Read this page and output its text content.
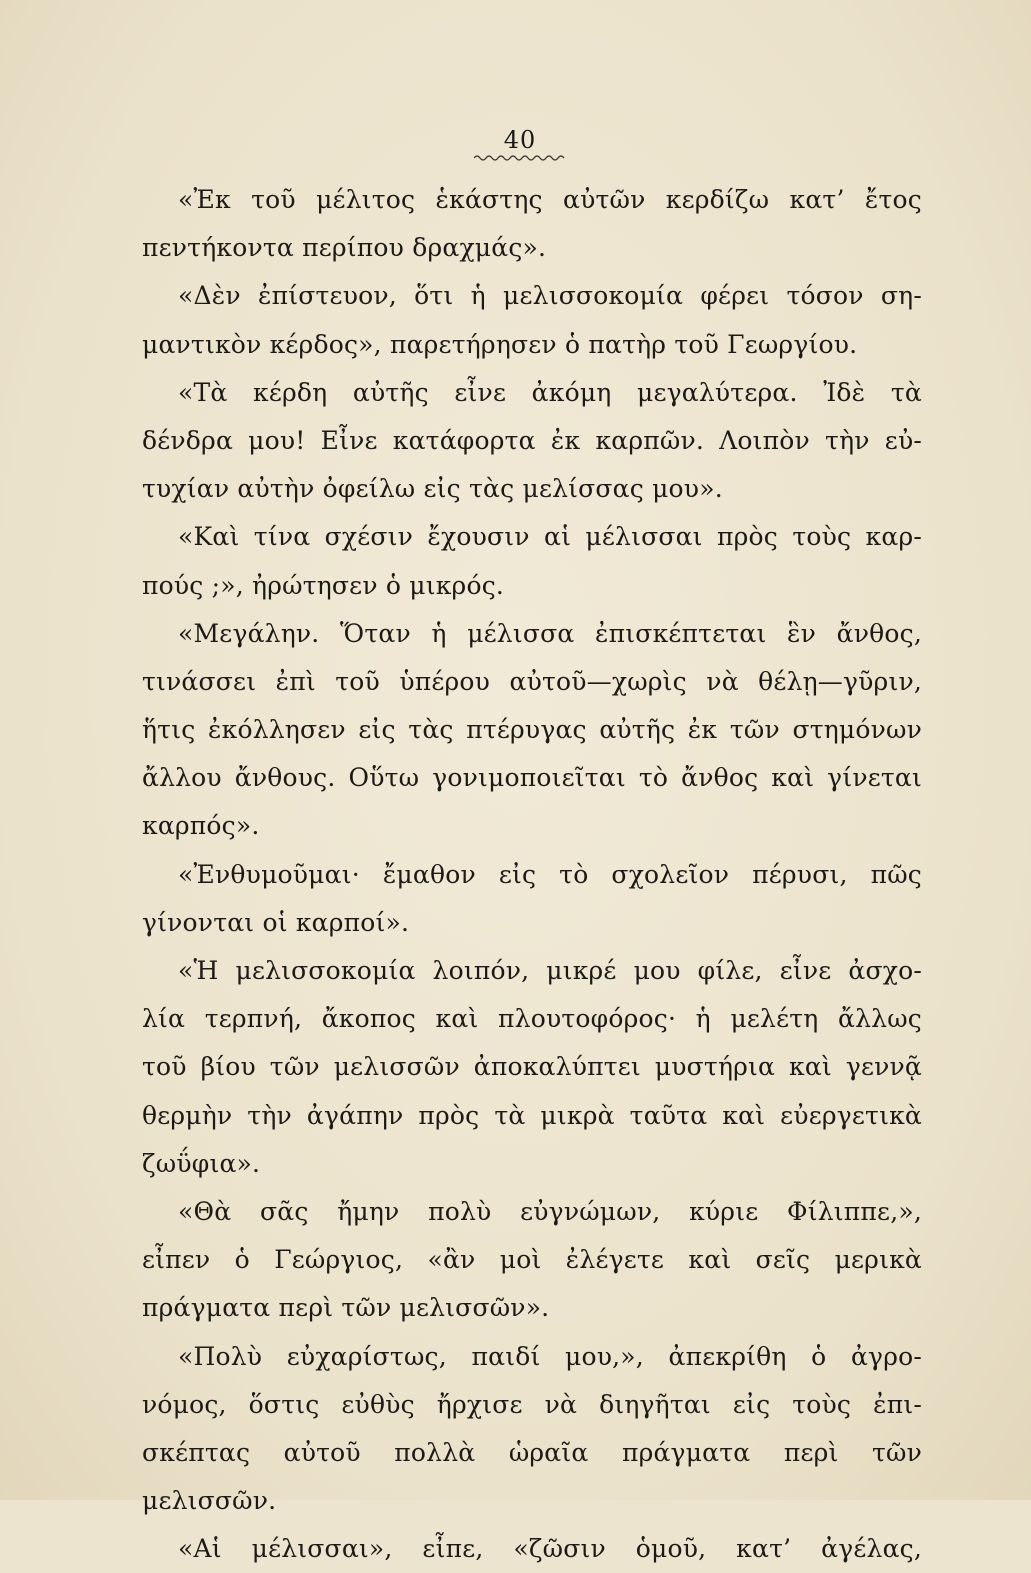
40
«Ἐκ τοῦ μέλιτος ἑκάστης αὐτῶν κερδίζω κατ’ ἔτος
πεντήκοντα περίπου δραχμάς».
«Δὲν ἐπίστευον, ὅτι ἡ μελισσοκομία φέρει τόσον ση-
μαντικὸν κέρδος», παρετήρησεν ὁ πατὴρ τοῦ Γεωργίου.
«Τὰ κέρδη αὐτῆς εἶνε ἀκόμη μεγαλύτερα. Ἰδὲ τὰ
δένδρα μου! Εἶνε κατάφορτα ἐκ καρπῶν. Λοιπὸν τὴν εὐ-
τυχίαν αὐτὴν ὀφείλω εἰς τὰς μελίσσας μου».
«Καὶ τίνα σχέσιν ἔχουσιν αἱ μέλισσαι πρὸς τοὺς καρ-
πούς ;», ἠρώτησεν ὁ μικρός.
«Μεγάλην. Ὅταν ἡ μέλισσα ἐπισκέπτεται ἓν ἄνθος,
τινάσσει ἐπὶ τοῦ ὑπέρου αὐτοῦ—χωρὶς νὰ θέλῃ—γῦριν,
ἥτις ἐκόλλησεν εἰς τὰς πτέρυγας αὐτῆς ἐκ τῶν στημόνων
ἄλλου ἄνθους. Οὕτω γονιμοποιεῖται τὸ ἄνθος καὶ γίνεται
καρπός».
«Ἐνθυμοῦμαι· ἔμαθον εἰς τὸ σχολεῖον πέρυσι, πῶς
γίνονται οἱ καρποί».
«Ἡ μελισσοκομία λοιπόν, μικρέ μου φίλε, εἶνε ἀσχο-
λία τερπνή, ἄκοπος καὶ πλουτοφόρος· ἡ μελέτη ἄλλως
τοῦ βίου τῶν μελισσῶν ἀποκαλύπτει μυστήρια καὶ γεννᾷ
θερμὴν τὴν ἀγάπην πρὸς τὰ μικρὰ ταῦτα καὶ εὐεργετικὰ
ζωΰφια».
«Θὰ σᾶς ἤμην πολὺ εὐγνώμων, κύριε Φίλιππε,»,
εἶπεν ὁ Γεώργιος, «ἂν μοὶ ἐλέγετε καὶ σεῖς μερικὰ
πράγματα περὶ τῶν μελισσῶν».
«Πολὺ εὐχαρίστως, παιδί μου,», ἀπεκρίθη ὁ ἀγρο-
νόμος, ὅστις εὐθὺς ἤρχισε νὰ διηγῆται εἰς τοὺς ἐπι-
σκέπτας αὐτοῦ πολλὰ ὡραῖα πράγματα περὶ τῶν
μελισσῶν.
«Αἱ μέλισσαι», εἶπε, «ζῶσιν ὁμοῦ, κατ’ ἀγέλας,
